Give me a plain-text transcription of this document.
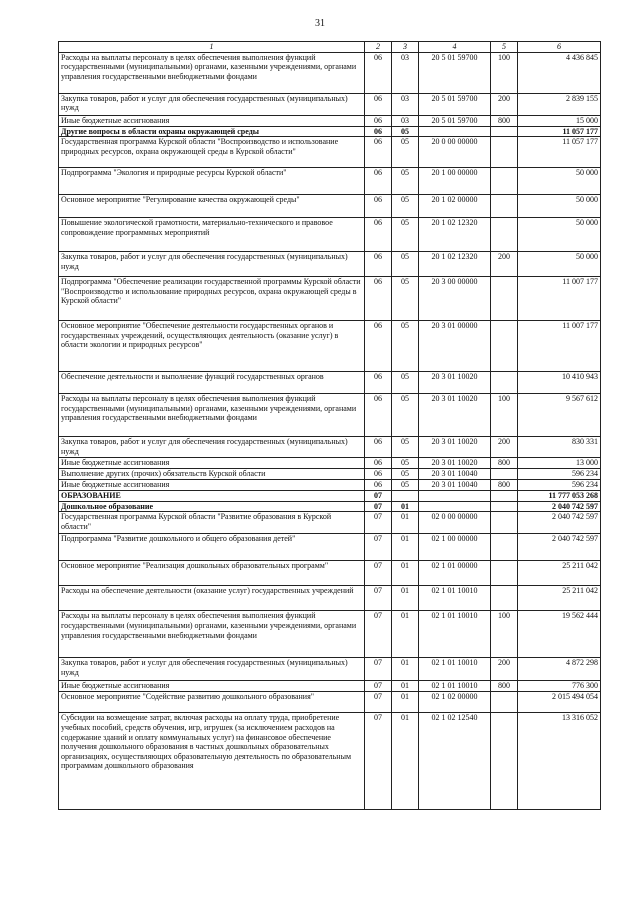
31
1	2	3	4	5	6
Расходы на выплаты персоналу в целях обеспечения выполнения функций государственными (муниципальными) органами, казенными учреждениями, органами управления государственными внебюджетными фондами	06	03	20 5 01 59700	100	4 436 845
Закупка товаров, работ и услуг для обеспечения государственных (муниципальных) нужд	06	03	20 5 01 59700	200	2 839 155
Иные бюджетные ассигнования	06	03	20 5 01 59700	800	15 000
Другие вопросы в области охраны окружающей среды	06	05			11 057 177
Государственная программа Курской области "Воспроизводство и использование природных ресурсов, охрана окружающей среды в Курской области"	06	05	20 0 00 00000		11 057 177
Подпрограмма "Экология и природные ресурсы Курской области"	06	05	20 1 00 00000		50 000
Основное мероприятие "Регулирование качества окружающей среды"	06	05	20 1 02 00000		50 000
Повышение экологической грамотности, материально-технического и правовое сопровождение программных мероприятий	06	05	20 1 02 12320		50 000
Закупка товаров, работ и услуг для обеспечения государственных (муниципальных) нужд	06	05	20 1 02 12320	200	50 000
Подпрограмма "Обеспечение реализации государственной программы Курской области "Воспроизводство и использование природных ресурсов, охрана окружающей среды в Курской области"	06	05	20 3 00 00000		11 007 177
Основное мероприятие "Обеспечение деятельности государственных органов и государственных учреждений, осуществляющих деятельность (оказание услуг) в области экологии и природных ресурсов"	06	05	20 3 01 00000		11 007 177
Обеспечение деятельности и выполнение функций государственных органов	06	05	20 3 01 10020		10 410 943
Расходы на выплаты персоналу в целях обеспечения выполнения функций государственными (муниципальными) органами, казенными учреждениями, органами управления государственными внебюджетными фондами	06	05	20 3 01 10020	100	9 567 612
Закупка товаров, работ и услуг для обеспечения государственных (муниципальных) нужд	06	05	20 3 01 10020	200	830 331
Иные бюджетные ассигнования	06	05	20 3 01 10020	800	13 000
Выполнение других (прочих) обязательств Курской области	06	05	20 3 01 10040		596 234
Иные бюджетные ассигнования	06	05	20 3 01 10040	800	596 234
ОБРАЗОВАНИЕ	07				11 777 053 268
Дошкольное образование	07	01			2 040 742 597
Государственная программа Курской области "Развитие образования в Курской области"	07	01	02 0 00 00000		2 040 742 597
Подпрограмма "Развитие дошкольного и общего образования детей"	07	01	02 1 00 00000		2 040 742 597
Основное мероприятие "Реализация дошкольных образовательных программ"	07	01	02 1 01 00000		25 211 042
Расходы на обеспечение деятельности (оказание услуг) государственных учреждений	07	01	02 1 01 10010		25 211 042
Расходы на выплаты персоналу в целях обеспечения выполнения функций государственными (муниципальными) органами, казенными учреждениями, органами управления государственными внебюджетными фондами	07	01	02 1 01 10010	100	19 562 444
Закупка товаров, работ и услуг для обеспечения государственных (муниципальных) нужд	07	01	02 1 01 10010	200	4 872 298
Иные бюджетные ассигнования	07	01	02 1 01 10010	800	776 300
Основное мероприятие "Содействие развитию дошкольного образования"	07	01	02 1 02 00000		2 015 494 054
Субсидии на возмещение затрат, включая расходы на оплату труда, приобретение учебных пособий, средств обучения, игр, игрушек (за исключением расходов на содержание зданий и оплату коммунальных услуг) на финансовое обеспечение получения дошкольного образования в частных дошкольных образовательных организациях, осуществляющих образовательную деятельность по образовательным программам дошкольного образования	07	01	02 1 02 12540		13 316 052
